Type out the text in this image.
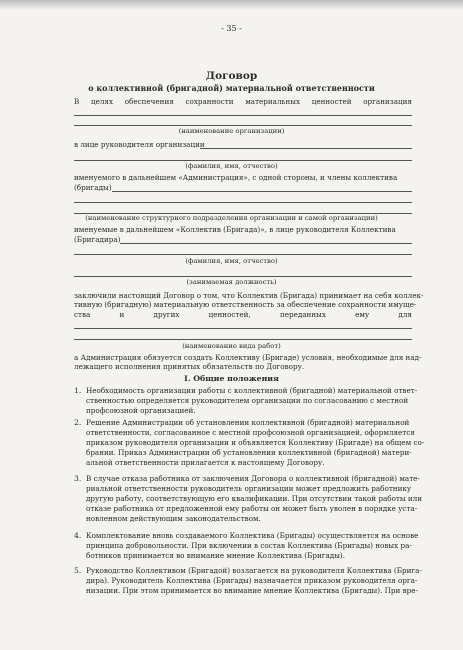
- 35 -
Договор
о коллективной (бригадной) материальной ответственности
В целях обеспечения сохранности материальных ценностей организация
(наименование организации)
в лице руководителя организации
(фамилия, имя, отчество)
именуемого в дальнейшем «Администрация», с одной стороны, и члены коллектива
(бригады)
(наименование структурного подразделения организации и самой организации)
именуемые в дальнейшем «Коллектив (Бригада)», в лице руководителя Коллектива
(Бригадира)
(фамилия, имя, отчество)
(занимаемая должность)
заключили настоящий Договор о том, что Коллектив (Бригада) принимает на себя коллек-
тивную (бригадную) материальную ответственность за обеспечение сохранности имуще-
ства	и	других	ценностей,	переданных	ему	для
(наименование вида работ)
а Администрация обязуется создать Коллективу (Бригаде) условия, необходимые для над-
лежащего исполнения принятых обязательств по Договору.
I. Общие положения
1. Необходимость организации работы с коллективной (бригадной) материальной ответ-
ственностью определяется руководителем организации по согласованию с местной
профсоюзной организацией.
2. Решение Администрации об установлении коллективной (бригадной) материальной
ответственности, согласованное с местной профсоюзной организацией, оформляется
приказом руководителя организации и объявляется Коллективу (Бригаде) на общем со-
брании. Приказ Администрации об установлении коллективной (бригадной) матери-
альной ответственности прилагается к настоящему Договору.
3. В случае отказа работника от заключения Договора о коллективной (бригадной) мате-
риальной ответственности руководитель организации может предложить работнику
другую работу, соответствующую его квалификации. При отсутствии такой работы или
отказе работника от предложенной ему работы он может быть уволен в порядке уста-
новленном действующим законодательством.
4. Комплектование вновь создаваемого Коллектива (Бригады) осуществляется на основе
принципа добровольности. При включении в состав Коллектива (Бригады) новых ра-
ботников принимается во внимание мнение Коллектива (Бригады).
5. Руководство Коллективом (Бригадой) возлагается на руководителя Коллектива (Брига-
дира). Руководитель Коллектива (Бригады) назначается приказом руководителя орга-
низации. При этом принимается во внимание мнение Коллектива (Бригады). При вре-
